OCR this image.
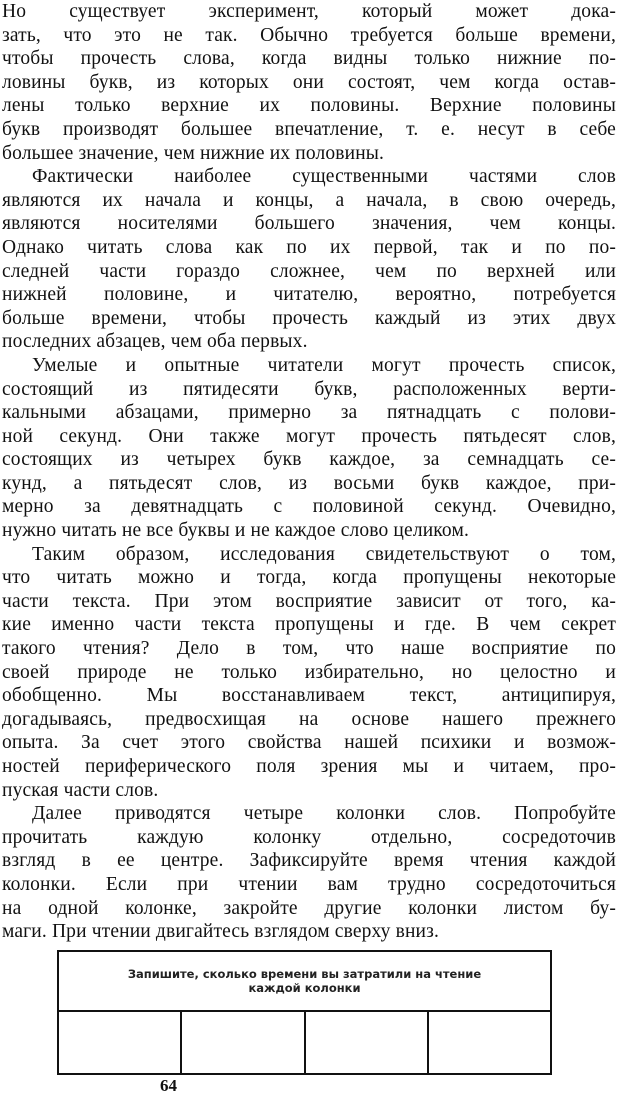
Но существует эксперимент, который может дока-
зать, что это не так. Обычно требуется больше времени,
чтобы прочесть слова, когда видны только нижние по-
ловины букв, из которых они состоят, чем когда остав-
лены только верхние их половины. Верхние половины
букв производят большее впечатление, т. е. несут в себе
большее значение, чем нижние их половины.

Фактически наиболее существенными частями слов
являются их начала и концы, а начала, в свою очередь,
являются носителями большего значения, чем концы.
Однако читать слова как по их первой, так и по по-
следней части гораздо сложнее, чем по верхней или
нижней половине, и читателю, вероятно, потребуется
больше времени, чтобы прочесть каждый из этих двух
последних абзацев, чем оба первых.

Умелые и опытные читатели могут прочесть список,
состоящий из пятидесяти букв, расположенных верти-
кальными абзацами, примерно за пятнадцать с полови-
ной секунд. Они также могут прочесть пятьдесят слов,
состоящих из четырех букв каждое, за семнадцать се-
кунд, а пятьдесят слов, из восьми букв каждое, при-
мерно за девятнадцать с половиной секунд. Очевидно,
нужно читать не все буквы и не каждое слово целиком.

Таким образом, исследования свидетельствуют о том,
что читать можно и тогда, когда пропущены некоторые
части текста. При этом восприятие зависит от того, ка-
кие именно части текста пропущены и где. В чем секрет
такого чтения? Дело в том, что наше восприятие по
своей природе не только избирательно, но целостно и
обобщенно. Мы восстанавливаем текст, антиципируя,
догадываясь, предвосхищая на основе нашего прежнего
опыта. За счет этого свойства нашей психики и возмож-
ностей периферического поля зрения мы и читаем, про-
пуская части слов.

Далее приводятся четыре колонки слов. Попробуйте
прочитать каждую колонку отдельно, сосредоточив
взгляд в ее центре. Зафиксируйте время чтения каждой
колонки. Если при чтении вам трудно сосредоточиться
на одной колонке, закройте другие колонки листом бу-
маги. При чтении двигайтесь взглядом сверху вниз.

Запишите, сколько времени вы затратили на чтение
каждой колонки
64
